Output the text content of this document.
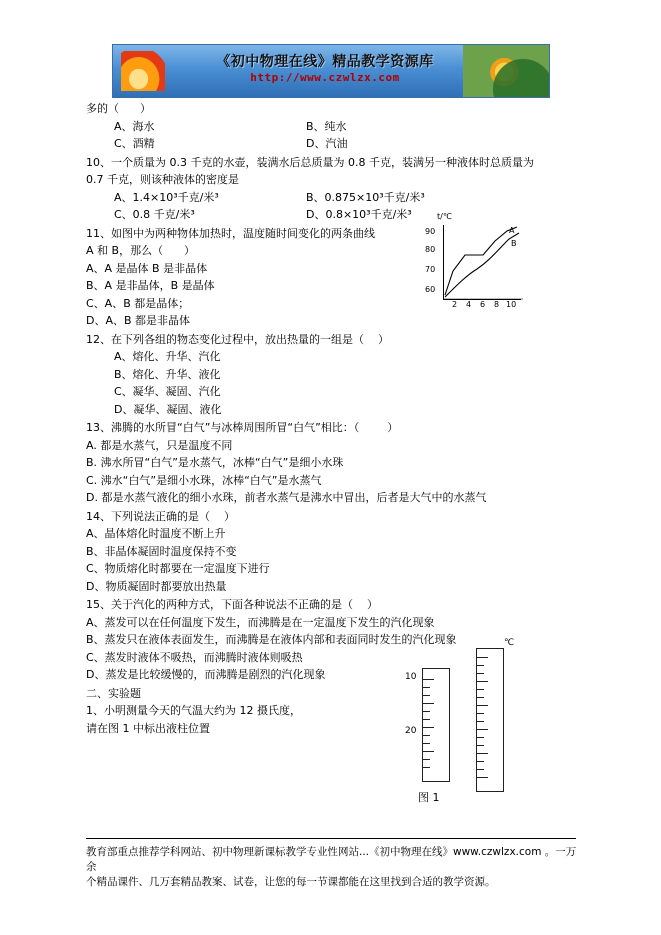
《初中物理在线》精品教学资源库
http://www.czwlzx.com
多的（      ）
A、海水	B、纯水
C、酒精	D、汽油
10、一个质量为 0.3 千克的水壶，装满水后总质量为 0.8 千克，装满另一种液体时总质量为
0.7 千克，则该种液体的密度是
A、1.4×10³千克/米³	B、0.875×10³千克/米³
C、0.8 千克/米³	D、0.8×10³千克/米³
11、如图中为两种物体加热时，温度随时间变化的两条曲线
A 和 B，那么（      ）
A、A 是晶体 B 是非晶体
B、A 是非晶体，B 是晶体
C、A、B 都是晶体；
D、A、B 都是非晶体
12、在下列各组的物态变化过程中，放出热量的一组是（    ）
A、熔化、升华、汽化
B、熔化、升华、液化
C、凝华、凝固、汽化
D、凝华、凝固、液化
13、沸腾的水所冒“白气”与冰棒周围所冒“白气”相比：（        ）
A. 都是水蒸气，只是温度不同
B. 沸水所冒“白气”是水蒸气，冰棒“白气”是细小水珠
C. 沸水“白气”是细小水珠，冰棒“白气”是水蒸气
D. 都是水蒸气液化的细小水珠，前者水蒸气是沸水中冒出，后者是大气中的水蒸气
14、下列说法正确的是（    ）
A、晶体熔化时温度不断上升
B、非晶体凝固时温度保持不变
C、物质熔化时都要在一定温度下进行
D、物质凝固时都要放出热量
15、关于汽化的两种方式，下面各种说法不正确的是（    ）
A、蒸发可以在任何温度下发生，而沸腾是在一定温度下发生的汽化现象
B、蒸发只在液体表面发生，而沸腾是在液体内部和表面同时发生的汽化现象
C、蒸发时液体不吸热，而沸腾时液体则吸热
D、蒸发是比较缓慢的，而沸腾是剧烈的汽化现象
二、实验题
1、小明测量今天的气温大约为 12 摄氏度，
请在图 1 中标出液柱位置
t/℃
90
80
70
60
2 4 6 8 10
A
B
℃
10
20
图 1
教育部重点推荐学科网站、初中物理新课标教学专业性网站...《初中物理在线》www.czwlzx.com 。一万余
个精品课件、几万套精品教案、试卷，让您的每一节课都能在这里找到合适的教学资源。
